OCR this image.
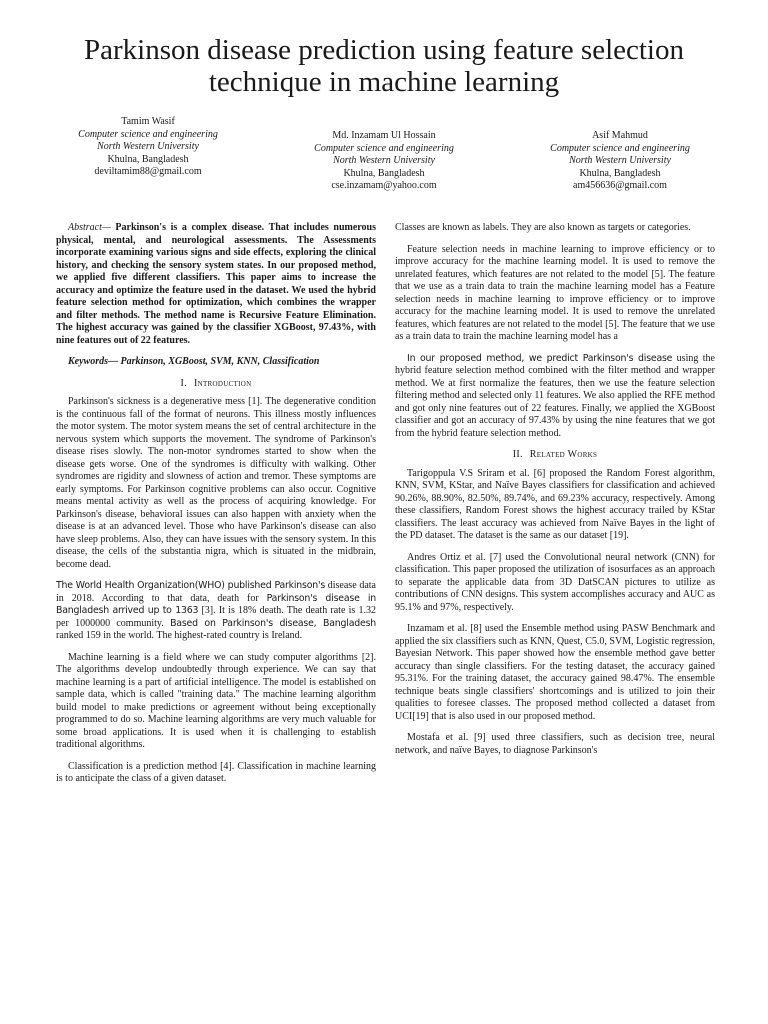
Parkinson disease prediction using feature selection technique in machine learning
Tamim Wasif
Computer science and engineering
North Western University
Khulna, Bangladesh
deviltamim88@gmail.com
Md. Inzamam Ul Hossain
Computer science and engineering
North Western University
Khulna, Bangladesh
cse.inzamam@yahoo.com
Asif Mahmud
Computer science and engineering
North Western University
Khulna, Bangladesh
am456636@gmail.com

Abstract— Parkinson's is a complex disease. That includes numerous physical, mental, and neurological assessments. The Assessments incorporate examining various signs and side effects, exploring the clinical history, and checking the sensory system states. In our proposed method, we applied five different classifiers. This paper aims to increase the accuracy and optimize the feature used in the dataset. We used the hybrid feature selection method for optimization, which combines the wrapper and filter methods. The method name is Recursive Feature Elimination. The highest accuracy was gained by the classifier XGBoost, 97.43%, with nine features out of 22 features.

Keywords— Parkinson, XGBoost, SVM, KNN, Classification

I. Introduction

Parkinson's sickness is a degenerative mess [1]. The degenerative condition is the continuous fall of the format of neurons. This illness mostly influences the motor system. The motor system means the set of central architecture in the nervous system which supports the movement. The syndrome of Parkinson's disease rises slowly. The non-motor syndromes started to show when the disease gets worse. One of the syndromes is difficulty with walking. Other syndromes are rigidity and slowness of action and tremor. These symptoms are early symptoms. For Parkinson cognitive problems can also occur. Cognitive means mental activity as well as the process of acquiring knowledge. For Parkinson's disease, behavioral issues can also happen with anxiety when the disease is at an advanced level. Those who have Parkinson's disease can also have sleep problems. Also, they can have issues with the sensory system. In this disease, the cells of the substantia nigra, which is situated in the midbrain, become dead.

The World Health Organization(WHO) published Parkinson's disease data in 2018. According to that data, death for Parkinson's disease in Bangladesh arrived up to 1363 [3]. It is 18% death. The death rate is 1.32 per 1000000 community. Based on Parkinson's disease, Bangladesh ranked 159 in the world. The highest-rated country is Ireland.

Machine learning is a field where we can study computer algorithms [2]. The algorithms develop undoubtedly through experience. We can say that machine learning is a part of artificial intelligence. The model is established on sample data, which is called "training data." The machine learning algorithm build model to make predictions or agreement without being exceptionally programmed to do so. Machine learning algorithms are very much valuable for some broad applications. It is used when it is challenging to establish traditional algorithms.

Classification is a prediction method [4]. Classification in machine learning is to anticipate the class of a given dataset.

Classes are known as labels. They are also known as targets or categories.

Feature selection needs in machine learning to improve efficiency or to improve accuracy for the machine learning model. It is used to remove the unrelated features, which features are not related to the model [5]. The feature that we use as a train data to train the machine learning model has a Feature selection needs in machine learning to improve efficiency or to improve accuracy for the machine learning model. It is used to remove the unrelated features, which features are not related to the model [5]. The feature that we use as a train data to train the machine learning model has a

In our proposed method, we predict Parkinson's disease using the hybrid feature selection method combined with the filter method and wrapper method. We at first normalize the features, then we use the feature selection filtering method and selected only 11 features. We also applied the RFE method and got only nine features out of 22 features. Finally, we applied the XGBoost classifier and got an accuracy of 97.43% by using the nine features that we got from the hybrid feature selection method.

II. Related Works

Tarigoppula V.S Sriram et al. [6] proposed the Random Forest algorithm, KNN, SVM, KStar, and Naïve Bayes classifiers for classification and achieved 90.26%, 88.90%, 82.50%, 89.74%, and 69.23% accuracy, respectively. Among these classifiers, Random Forest shows the highest accuracy trailed by KStar classifiers. The least accuracy was achieved from Naïve Bayes in the light of the PD dataset. The dataset is the same as our dataset [19].

Andres Ortiz et al. [7] used the Convolutional neural network (CNN) for classification. This paper proposed the utilization of isosurfaces as an approach to separate the applicable data from 3D DatSCAN pictures to utilize as contributions of CNN designs. This system accomplishes accuracy and AUC as 95.1% and 97%, respectively.

Inzamam et al. [8] used the Ensemble method using PASW Benchmark and applied the six classifiers such as KNN, Quest, C5.0, SVM, Logistic regression, Bayesian Network. This paper showed how the ensemble method gave better accuracy than single classifiers. For the testing dataset, the accuracy gained 95.31%. For the training dataset, the accuracy gained 98.47%. The ensemble technique beats single classifiers' shortcomings and is utilized to join their qualities to foresee classes. The proposed method collected a dataset from UCI[19] that is also used in our proposed method.

Mostafa et al. [9] used three classifiers, such as decision tree, neural network, and naïve Bayes, to diagnose Parkinson's
